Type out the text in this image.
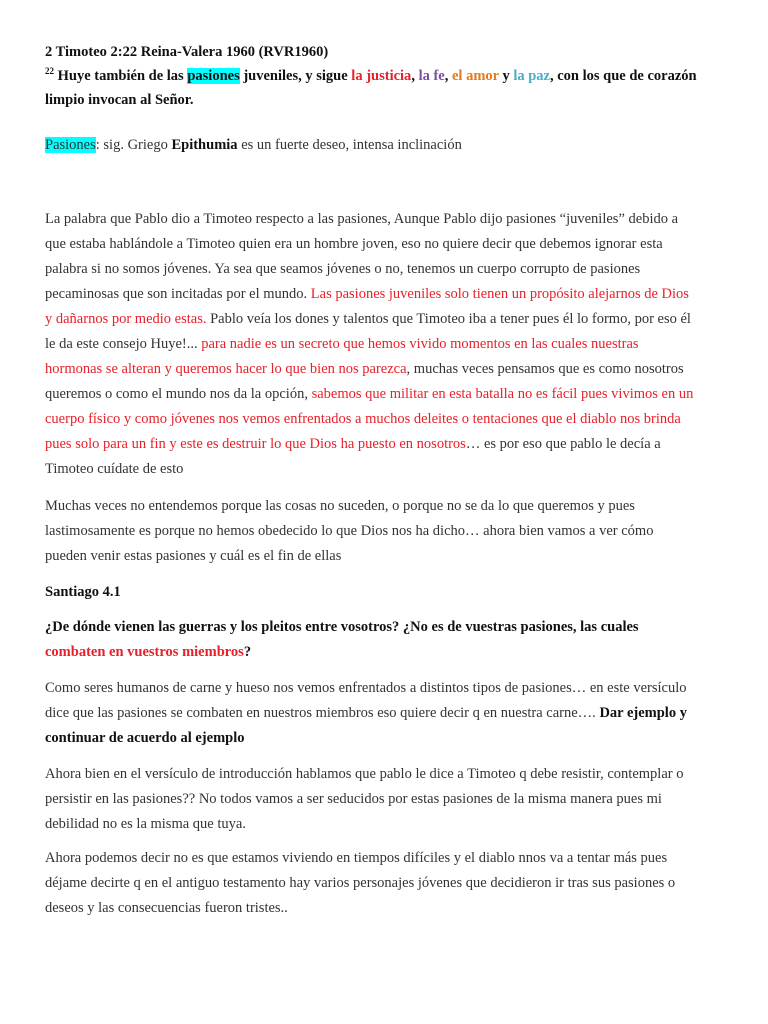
2 Timoteo 2:22 Reina-Valera 1960 (RVR1960)
$^{22}$ Huye también de las pasiones juveniles, y sigue la justicia, la fe, el amor y la paz, con los que de corazón
limpio invocan al Señor.
Pasiones: sig. Griego Epithumia es un fuerte deseo, intensa inclinación
La palabra que Pablo dio a Timoteo respecto a las pasiones, Aunque Pablo dijo pasiones “juveniles” debido a
que estaba hablándole a Timoteo quien era un hombre joven, eso no quiere decir que debemos ignorar esta
palabra si no somos jóvenes. Ya sea que seamos jóvenes o no, tenemos un cuerpo corrupto de pasiones
pecaminosas que son incitadas por el mundo. Las pasiones juveniles solo tienen un propósito alejarnos de Dios
y dañarnos por medio estas. Pablo veía los dones y talentos que Timoteo iba a tener pues él lo formo, por eso él
le da este consejo Huye!... para nadie es un secreto que hemos vivido momentos en las cuales nuestras
hormonas se alteran y queremos hacer lo que bien nos parezca, muchas veces pensamos que es como nosotros
queremos o como el mundo nos da la opción, sabemos que militar en esta batalla no es fácil pues vivimos en un
cuerpo físico y como jóvenes nos vemos enfrentados a muchos deleites o tentaciones que el diablo nos brinda
pues solo para un fin y este es destruir lo que Dios ha puesto en nosotros… es por eso que pablo le decía a
Timoteo cuídate de esto
Muchas veces no entendemos porque las cosas no suceden, o porque no se da lo que queremos y pues
lastimosamente es porque no hemos obedecido lo que Dios nos ha dicho… ahora bien vamos a ver cómo
pueden venir estas pasiones y cuál es el fin de ellas
Santiago 4.1
¿De dónde vienen las guerras y los pleitos entre vosotros? ¿No es de vuestras pasiones, las cuales
combaten en vuestros miembros?
Como seres humanos de carne y hueso nos vemos enfrentados a distintos tipos de pasiones… en este versículo
dice que las pasiones se combaten en nuestros miembros eso quiere decir q en nuestra carne…. Dar ejemplo y
continuar de acuerdo al ejemplo
Ahora bien en el versículo de introducción hablamos que pablo le dice a Timoteo q debe resistir, contemplar o
persistir en las pasiones?? No todos vamos a ser seducidos por estas pasiones de la misma manera pues mi
debilidad no es la misma que tuya.
Ahora podemos decir no es que estamos viviendo en tiempos difíciles y el diablo nnos va a tentar más pues
déjame decirte q en el antiguo testamento hay varios personajes jóvenes que decidieron ir tras sus pasiones o
deseos y las consecuencias fueron tristes..
